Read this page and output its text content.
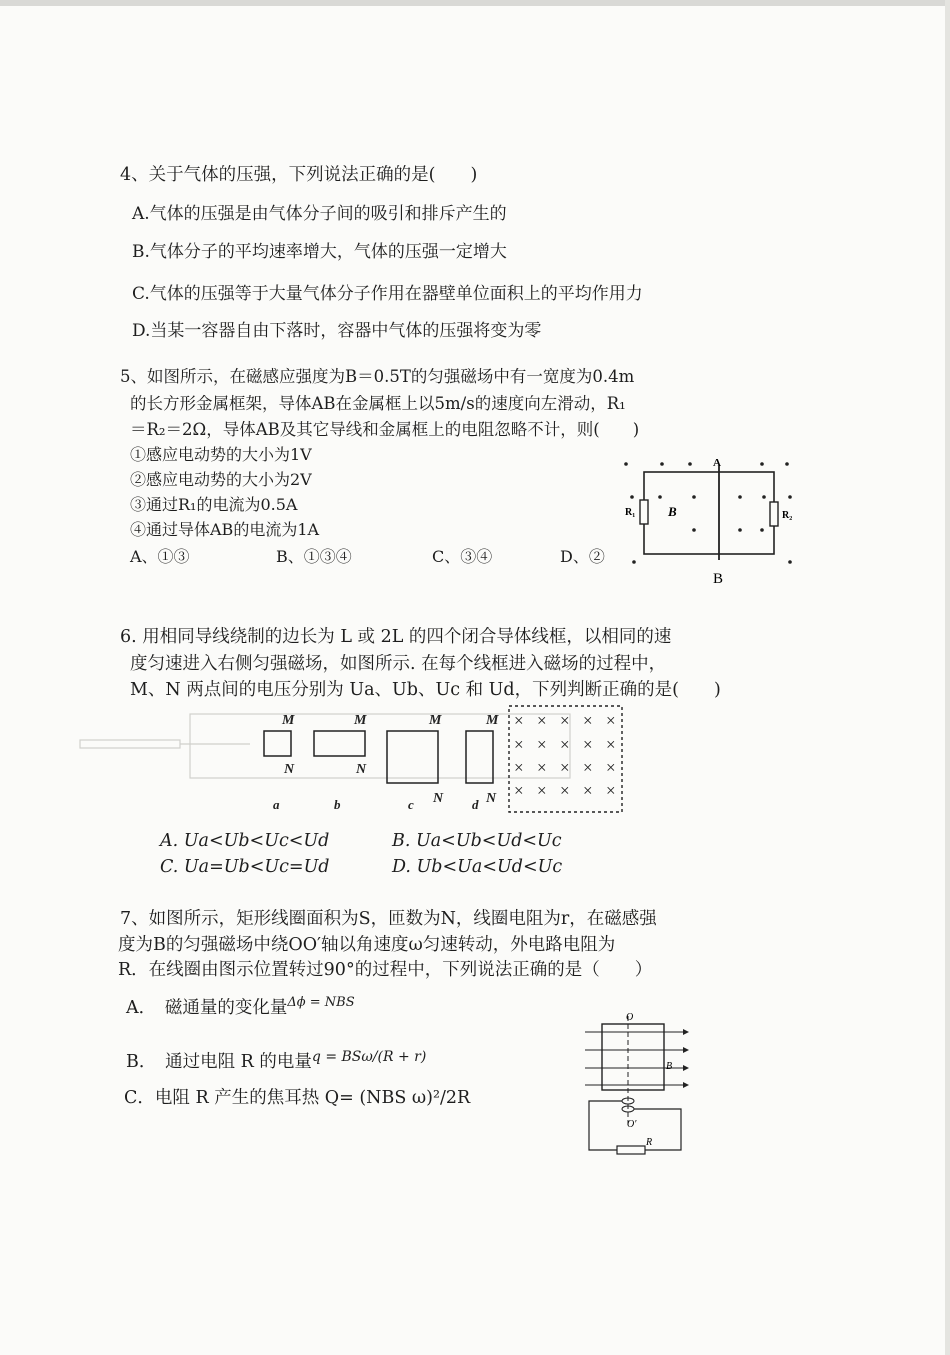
4、关于气体的压强，下列说法正确的是(　　)
A.气体的压强是由气体分子间的吸引和排斥产生的
B.气体分子的平均速率增大，气体的压强一定增大
C.气体的压强等于大量气体分子作用在器壁单位面积上的平均作用力
D.当某一容器自由下落时，容器中气体的压强将变为零
5、如图所示，在磁感应强度为B＝0.5T的匀强磁场中有一宽度为0.4m
的长方形金属框架，导体AB在金属框上以5m/s的速度向左滑动，R₁
＝R₂＝2Ω，导体AB及其它导线和金属框上的电阻忽略不计，则(　　)
①感应电动势的大小为1V
②感应电动势的大小为2V
③通过R₁的电流为0.5A
④通过导体AB的电流为1A
A、①③	B、①③④	C、③④	D、②
A
R₁	R₂
B
B
6. 用相同导线绕制的边长为 L 或 2L 的四个闭合导体线框，以相同的速
度匀速进入右侧匀强磁场，如图所示. 在每个线框进入磁场的过程中，
M、N 两点间的电压分别为 Ua、Ub、Uc 和 Ud，下列判断正确的是(　　)
× × × × ×
× × × × ×
× × × × ×
× × × × ×
M	M	M	M
N	N
N	N
a	b	c	d
A. Ua<Ub<Uc<Ud	B. Ua<Ub<Ud<Uc
C. Ua=Ub<Uc=Ud	D. Ub<Ua<Ud<Uc
7、如图所示，矩形线圈面积为S，匝数为N，线圈电阻为r，在磁感强
度为B的匀强磁场中绕OO′轴以角速度ω匀速转动，外电路电阻为
R．在线圈由图示位置转过90°的过程中，下列说法正确的是（　　）
A．　磁通量的变化量$^{\Delta\phi = NBS}$
B．　通过电阻 R 的电量$^{q = BS\omega/(R + r)}$
C．电阻 R 产生的焦耳热 Q= (NBS ω)²/2R
O
O′
B
R
